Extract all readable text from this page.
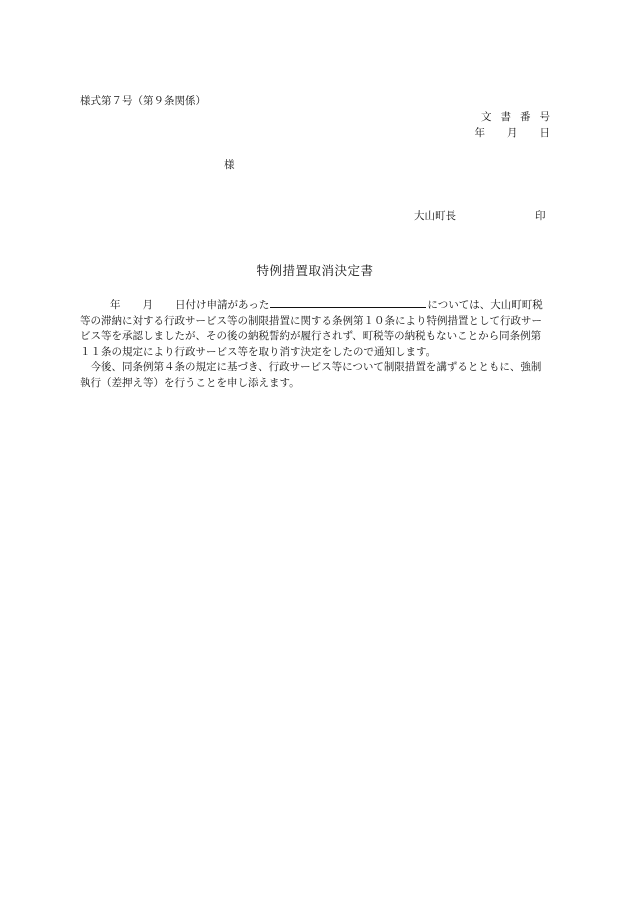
様式第７号（第９条関係）
文書番号
年 月 日
様
大山町長	印
特例措置取消決定書

年 月 日付け申請があった	については、大山町町税等の滞納に対する行政サービス等の制限措置に関する条例第１０条により特例措置として行政サービス等を承認しましたが、その後の納税誓約が履行されず、町税等の納税もないことから同条例第１１条の規定により行政サービス等を取り消す決定をしたので通知します。

　今後、同条例第４条の規定に基づき、行政サービス等について制限措置を講ずるとともに、強制執行（差押え等）を行うことを申し添えます。
